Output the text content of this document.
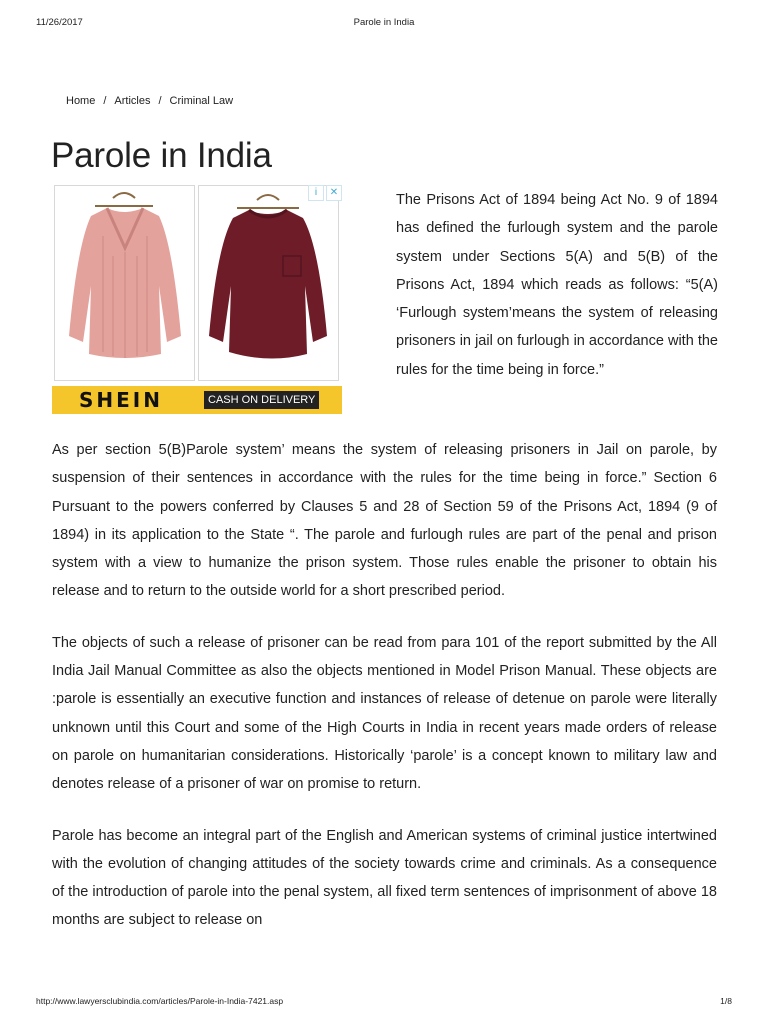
11/26/2017	Parole in India
Home / Articles / Criminal Law
Parole in India
i	✕
SHEIN	CASH ON DELIVERY

The Prisons Act of 1894 being Act No. 9 of 1894 has defined the furlough system and the parole system under Sections 5(A) and 5(B) of the Prisons Act, 1894 which reads as follows: “5(A) ‘Furlough system’means the system of releasing prisoners in jail on furlough in accordance with the rules for the time being in force.”

As per section 5(B)Parole system’ means the system of releasing prisoners in Jail on parole, by suspension of their sentences in accordance with the rules for the time being in force.” Section 6 Pursuant to the powers conferred by Clauses 5 and 28 of Section 59 of the Prisons Act, 1894 (9 of 1894) in its application to the State “. The parole and furlough rules are part of the penal and prison system with a view to humanize the prison system. Those rules enable the prisoner to obtain his release and to return to the outside world for a short prescribed period.

The objects of such a release of prisoner can be read from para 101 of the report submitted by the All India Jail Manual Committee as also the objects mentioned in Model Prison Manual. These objects are :parole is essentially an executive function and instances of release of detenue on parole were literally unknown until this Court and some of the High Courts in India in recent years made orders of release on parole on humanitarian considerations. Historically ‘parole’ is a concept known to military law and denotes release of a prisoner of war on promise to return.

Parole has become an integral part of the English and American systems of criminal justice intertwined with the evolution of changing attitudes of the society towards crime and criminals. As a consequence of the introduction of parole into the penal system, all fixed term sentences of imprisonment of above 18 months are subject to release on

http://www.lawyersclubindia.com/articles/Parole-in-India-7421.asp	1/8
